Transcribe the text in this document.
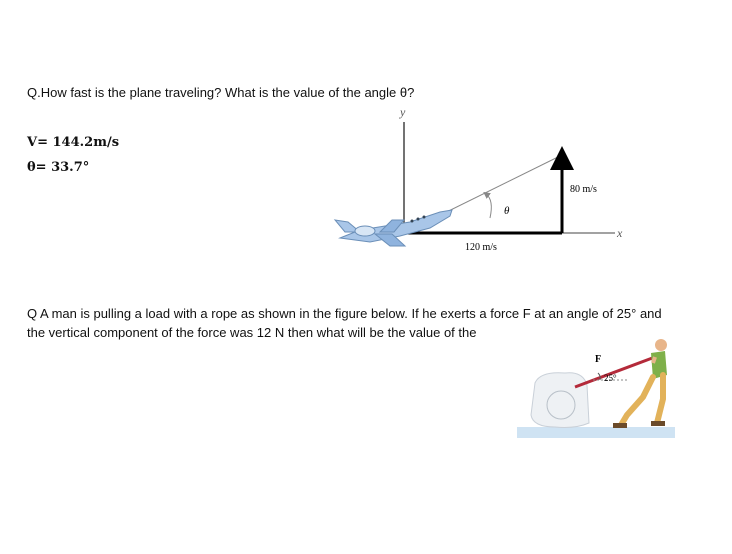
Q.How fast is the plane traveling? What is the value of the angle θ?
V= 144.2m/s
θ= 33.7°
y
x
80 m/s
120 m/s
θ
Q A man is pulling a load with a rope as shown in the figure below. If he exerts a force F at an angle of 25° and
the vertical component of the force was 12 N then what will be the value of the
F
25°
